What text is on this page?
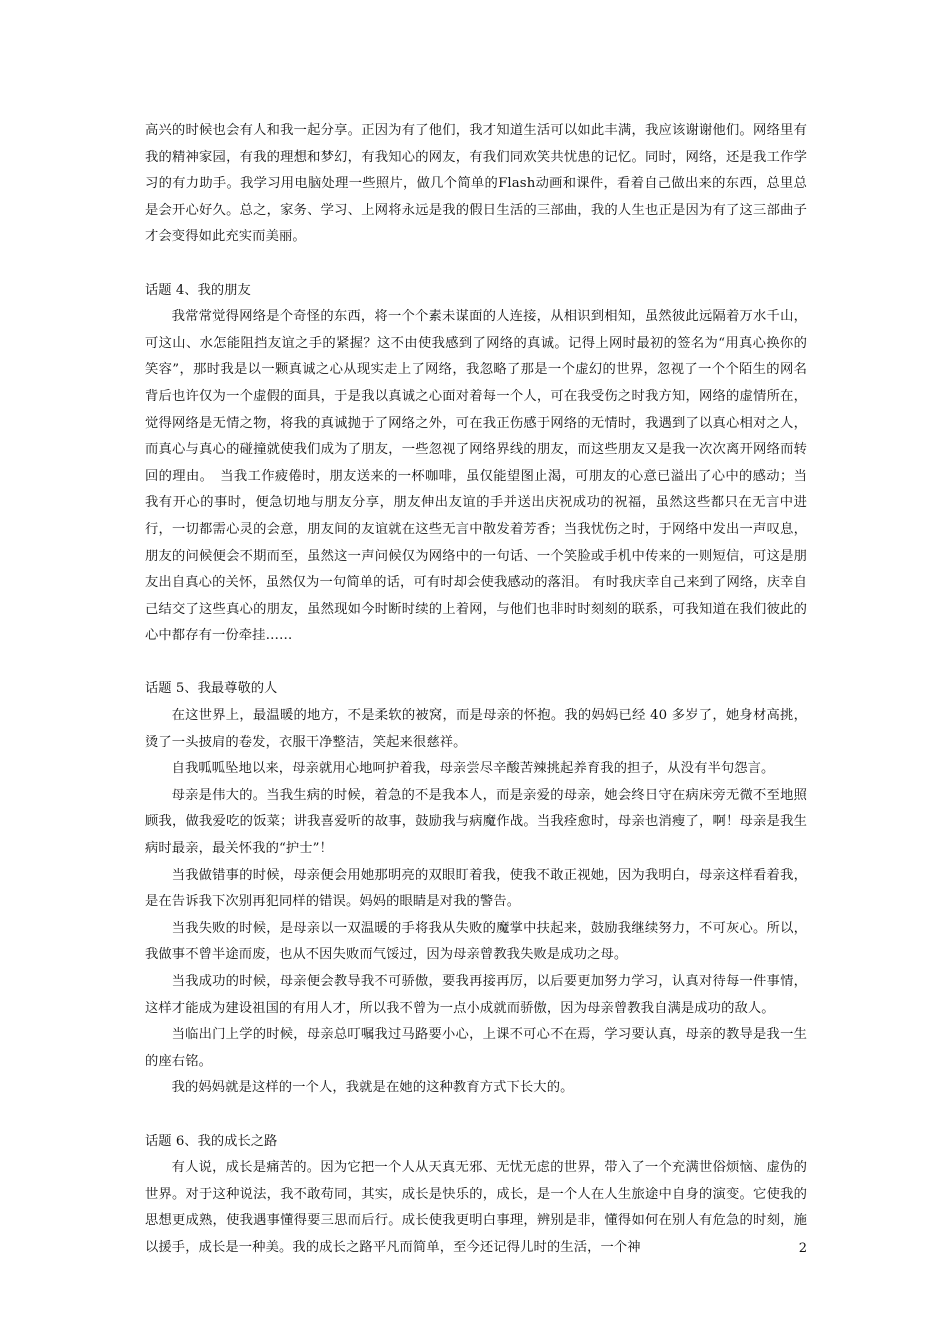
高兴的时候也会有人和我一起分享。正因为有了他们，我才知道生活可以如此丰满，我应该谢谢他们。网络里有我的精神家园，有我的理想和梦幻，有我知心的网友，有我们同欢笑共忧患的记忆。同时，网络，还是我工作学习的有力助手。我学习用电脑处理一些照片，做几个简单的Flash动画和课件，看着自己做出来的东西，总里总是会开心好久。总之，家务、学习、上网将永远是我的假日生活的三部曲，我的人生也正是因为有了这三部曲子才会变得如此充实而美丽。

话题 4、我的朋友

我常常觉得网络是个奇怪的东西，将一个个素未谋面的人连接，从相识到相知，虽然彼此远隔着万水千山，可这山、水怎能阻挡友谊之手的紧握？这不由使我感到了网络的真诚。记得上网时最初的签名为“用真心换你的笑容”，那时我是以一颗真诚之心从现实走上了网络，我忽略了那是一个虚幻的世界，忽视了一个个陌生的网名背后也许仅为一个虚假的面具，于是我以真诚之心面对着每一个人，可在我受伤之时我方知，网络的虚情所在，觉得网络是无情之物，将我的真诚抛于了网络之外，可在我正伤感于网络的无情时，我遇到了以真心相对之人，而真心与真心的碰撞就使我们成为了朋友，一些忽视了网络界线的朋友，而这些朋友又是我一次次离开网络而转回的理由。　当我工作疲倦时，朋友送来的一杯咖啡，虽仅能望图止渴，可朋友的心意已溢出了心中的感动；当我有开心的事时，便急切地与朋友分享，朋友伸出友谊的手并送出庆祝成功的祝福，虽然这些都只在无言中进行，一切都需心灵的会意，朋友间的友谊就在这些无言中散发着芳香；当我忧伤之时，于网络中发出一声叹息，朋友的问候便会不期而至，虽然这一声问候仅为网络中的一句话、一个笑脸或手机中传来的一则短信，可这是朋友出自真心的关怀，虽然仅为一句简单的话，可有时却会使我感动的落泪。 有时我庆幸自己来到了网络，庆幸自己结交了这些真心的朋友，虽然现如今时断时续的上着网，与他们也非时时刻刻的联系，可我知道在我们彼此的心中都存有一份牵挂……

话题 5、我最尊敬的人

在这世界上，最温暖的地方，不是柔软的被窝，而是母亲的怀抱。我的妈妈已经 40 多岁了，她身材高挑，烫了一头披肩的卷发，衣服干净整洁，笑起来很慈祥。

自我呱呱坠地以来，母亲就用心地呵护着我，母亲尝尽辛酸苦辣挑起养育我的担子，从没有半句怨言。

母亲是伟大的。当我生病的时候，着急的不是我本人，而是亲爱的母亲，她会终日守在病床旁无微不至地照顾我，做我爱吃的饭菜；讲我喜爱听的故事，鼓励我与病魔作战。当我痊愈时，母亲也消瘦了，啊！母亲是我生病时最亲，最关怀我的“护士”！

当我做错事的时候，母亲便会用她那明亮的双眼盯着我，使我不敢正视她，因为我明白，母亲这样看着我，是在告诉我下次别再犯同样的错误。妈妈的眼睛是对我的警告。

当我失败的时候，是母亲以一双温暖的手将我从失败的魔掌中扶起来，鼓励我继续努力，不可灰心。所以，我做事不曾半途而废，也从不因失败而气馁过，因为母亲曾教我失败是成功之母。

当我成功的时候，母亲便会教导我不可骄傲，要我再接再厉，以后要更加努力学习，认真对待每一件事情，这样才能成为建设祖国的有用人才，所以我不曾为一点小成就而骄傲，因为母亲曾教我自满是成功的敌人。

当临出门上学的时候，母亲总叮嘱我过马路要小心，上课不可心不在焉，学习要认真，母亲的教导是我一生的座右铭。

我的妈妈就是这样的一个人，我就是在她的这种教育方式下长大的。

话题 6、我的成长之路

有人说，成长是痛苦的。因为它把一个人从天真无邪、无忧无虑的世界，带入了一个充满世俗烦恼、虚伪的世界。对于这种说法，我不敢苟同，其实，成长是快乐的，成长，是一个人在人生旅途中自身的演变。它使我的思想更成熟，使我遇事懂得要三思而后行。成长使我更明白事理，辨别是非，懂得如何在别人有危急的时刻，施以援手，成长是一种美。我的成长之路平凡而简单，至今还记得儿时的生活，一个神	2
